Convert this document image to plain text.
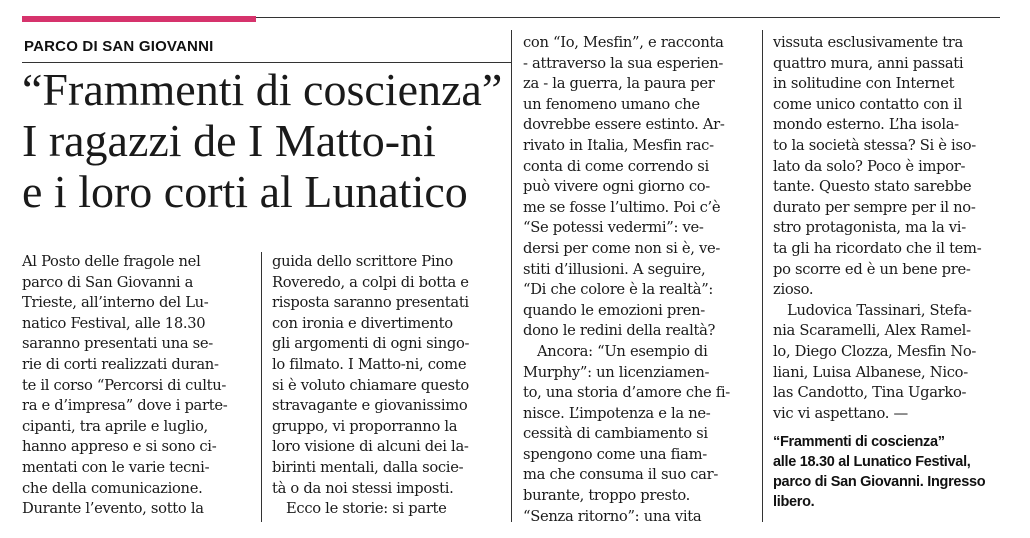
PARCO DI SAN GIOVANNI
“Frammenti di coscienza”
I ragazzi de I Matto-ni
e i loro corti al Lunatico
Al Posto delle fragole nel
parco di San Giovanni a
Trieste, all’interno del Lu-
natico Festival, alle 18.30
saranno presentati una se-
rie di corti realizzati duran-
te il corso “Percorsi di cultu-
ra e d’impresa” dove i parte-
cipanti, tra aprile e luglio,
hanno appreso e si sono ci-
mentati con le varie tecni-
che della comunicazione.
Durante l’evento, sotto la
guida dello scrittore Pino
Roveredo, a colpi di botta e
risposta saranno presentati
con ironia e divertimento
gli argomenti di ogni singo-
lo filmato. I Matto-ni, come
si è voluto chiamare questo
stravagante e giovanissimo
gruppo, vi proporranno la
loro visione di alcuni dei la-
birinti mentali, dalla socie-
tà o da noi stessi imposti.
Ecco le storie: si parte
con “Io, Mesfin”, e racconta
- attraverso la sua esperien-
za - la guerra, la paura per
un fenomeno umano che
dovrebbe essere estinto. Ar-
rivato in Italia, Mesfin rac-
conta di come correndo si
può vivere ogni giorno co-
me se fosse l’ultimo. Poi c’è
“Se potessi vedermi”: ve-
dersi per come non si è, ve-
stiti d’illusioni. A seguire,
“Di che colore è la realtà”:
quando le emozioni pren-
dono le redini della realtà?
Ancora: “Un esempio di
Murphy”: un licenziamen-
to, una storia d’amore che fi-
nisce. L’impotenza e la ne-
cessità di cambiamento si
spengono come una fiam-
ma che consuma il suo car-
burante, troppo presto.
“Senza ritorno”: una vita
vissuta esclusivamente tra
quattro mura, anni passati
in solitudine con Internet
come unico contatto con il
mondo esterno. L’ha isola-
to la società stessa? Si è iso-
lato da solo? Poco è impor-
tante. Questo stato sarebbe
durato per sempre per il no-
stro protagonista, ma la vi-
ta gli ha ricordato che il tem-
po scorre ed è un bene pre-
zioso.
Ludovica Tassinari, Stefa-
nia Scaramelli, Alex Ramel-
lo, Diego Clozza, Mesfin No-
liani, Luisa Albanese, Nico-
las Candotto, Tina Ugarko-
vic vi aspettano. —
“Frammenti di coscienza”
alle 18.30 al Lunatico Festival,
parco di San Giovanni. Ingresso
libero.
